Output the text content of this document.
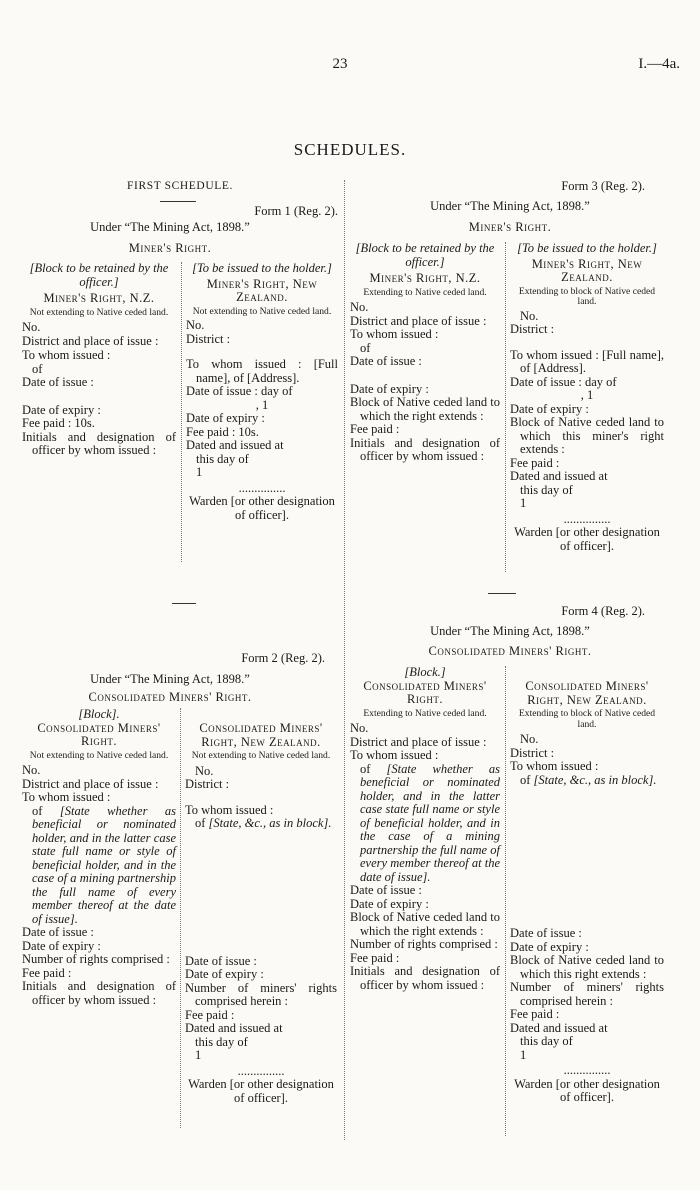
23	I.—4a.
SCHEDULES.
FIRST SCHEDULE.
Form 1 (Reg. 2).
Under “The Mining Act, 1898.”
Miner's Right.
[Block to be retained by the officer.]
Miner's Right, N.Z.
Not extending to Native ceded land.
No.
District and place of issue :
To whom issued :
of
Date of issue :
Date of expiry :
Fee paid : 10s.
Initials and designation of officer by whom issued :
[To be issued to the holder.]
Miner's Right, New Zealand.
Not extending to Native ceded land.
No.
District :
To whom issued : [Full name], of [Address].
Date of issue : day of
, 1
Date of expiry :
Fee paid : 10s.
Dated and issued at
this day of
1
...............
Warden [or other designation of officer].
Form 3 (Reg. 2).
Under “The Mining Act, 1898.”
Miner's Right.
[Block to be retained by the officer.]
Miner's Right, N.Z.
Extending to Native ceded land.
No.
District and place of issue :
To whom issued :
of
Date of issue :
Date of expiry :
Block of Native ceded land to which the right extends :
Fee paid :
Initials and designation of officer by whom issued :
[To be issued to the holder.]
Miner's Right, New Zealand.
Extending to block of Native ceded land.
No.
District :
To whom issued : [Full name], of [Address].
Date of issue : day of
, 1
Date of expiry :
Block of Native ceded land to which this miner's right extends :
Fee paid :
Dated and issued at
this day of
1
...............
Warden [or other designation of officer].
Form 2 (Reg. 2).
Under “The Mining Act, 1898.”
Consolidated Miners' Right.
[Block].
Consolidated Miners' Right.
Not extending to Native ceded land.
No.
District and place of issue :
To whom issued :
of [State whether as beneficial or nominated holder, and in the latter case state full name or style of beneficial holder, and in the case of a mining partnership the full name of every member thereof at the date of issue].
Date of issue :
Date of expiry :
Number of rights comprised :
Fee paid :
Initials and designation of officer by whom issued :
Consolidated Miners' Right, New Zealand.
Not extending to Native ceded land.
No.
District :
To whom issued :
of [State, &c., as in block].
Date of issue :
Date of expiry :
Number of miners' rights comprised herein :
Fee paid :
Dated and issued at
this day of
1
...............
Warden [or other designation of officer].
Form 4 (Reg. 2).
Under “The Mining Act, 1898.”
Consolidated Miners' Right.
[Block.]
Consolidated Miners' Right.
Extending to Native ceded land.
No.
District and place of issue :
To whom issued :
of [State whether as beneficial or nominated holder, and in the latter case state full name or style of beneficial holder, and in the case of a mining partnership the full name of every member thereof at the date of issue].
Date of issue :
Date of expiry :
Block of Native ceded land to which the right extends :
Number of rights comprised :
Fee paid :
Initials and designation of officer by whom issued :
Consolidated Miners' Right, New Zealand.
Extending to block of Native ceded land.
No.
District :
To whom issued :
of [State, &c., as in block].
Date of issue :
Date of expiry :
Block of Native ceded land to which this right extends :
Number of miners' rights comprised herein :
Fee paid :
Dated and issued at
this day of
1
...............
Warden [or other designation of officer].
